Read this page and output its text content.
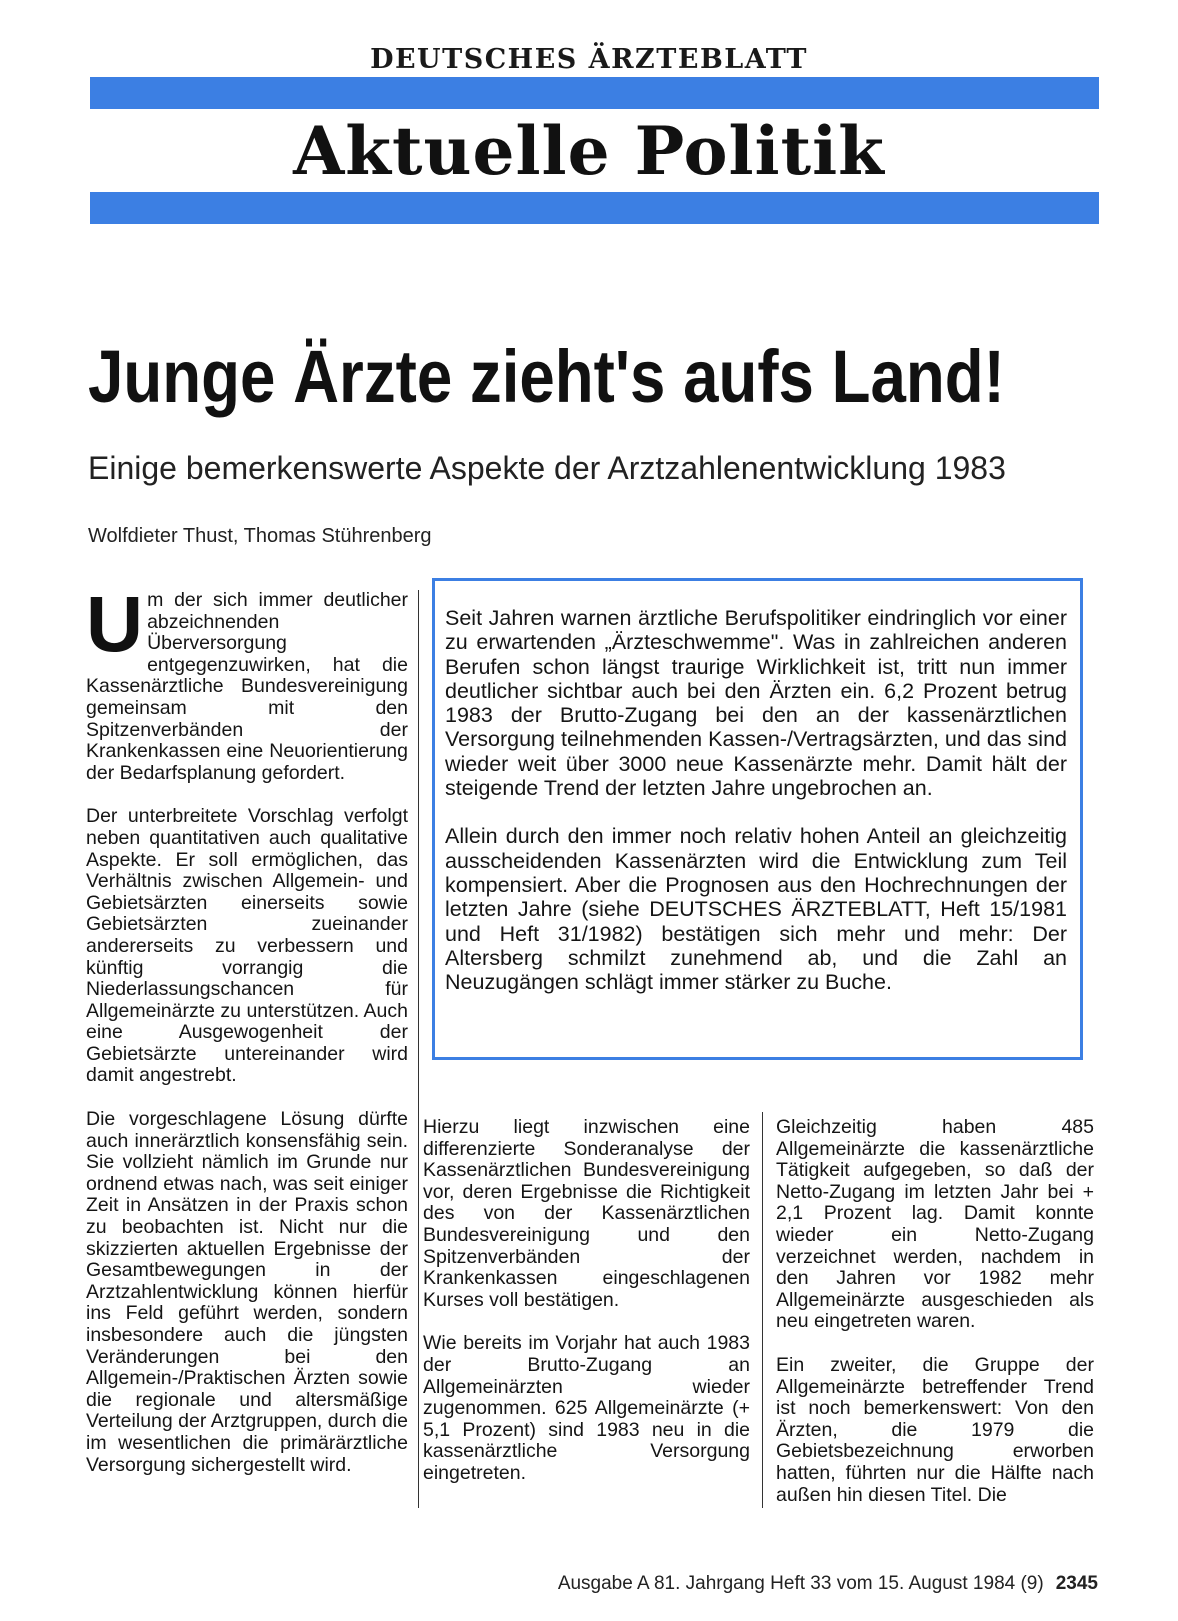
DEUTSCHES ÄRZTEBLATT
Aktuelle Politik
Junge Ärzte zieht's aufs Land!
Einige bemerkenswerte Aspekte der Arztzahlenentwicklung 1983
Wolfdieter Thust, Thomas Stührenberg

Um der sich immer deutlicher abzeichnenden Überversorgung entgegenzuwirken, hat die Kassenärztliche Bundesvereinigung gemeinsam mit den Spitzenverbänden der Krankenkassen eine Neuorientierung der Bedarfsplanung gefordert.

Der unterbreitete Vorschlag verfolgt neben quantitativen auch qualitative Aspekte. Er soll ermöglichen, das Verhältnis zwischen Allgemein- und Gebietsärzten einerseits sowie Gebietsärzten zueinander andererseits zu verbessern und künftig vorrangig die Niederlassungschancen für Allgemeinärzte zu unterstützen. Auch eine Ausgewogenheit der Gebietsärzte untereinander wird damit angestrebt.

Die vorgeschlagene Lösung dürfte auch innerärztlich konsensfähig sein. Sie vollzieht nämlich im Grunde nur ordnend etwas nach, was seit einiger Zeit in Ansätzen in der Praxis schon zu beobachten ist. Nicht nur die skizzierten aktuellen Ergebnisse der Gesamtbewegungen in der Arztzahlentwicklung können hierfür ins Feld geführt werden, sondern insbesondere auch die jüngsten Veränderungen bei den Allgemein-/Praktischen Ärzten sowie die regionale und altersmäßige Verteilung der Arztgruppen, durch die im wesentlichen die primärärztliche Versorgung sichergestellt wird.

Seit Jahren warnen ärztliche Berufspolitiker eindringlich vor einer zu erwartenden „Ärzteschwemme". Was in zahlreichen anderen Berufen schon längst traurige Wirklichkeit ist, tritt nun immer deutlicher sichtbar auch bei den Ärzten ein. 6,2 Prozent betrug 1983 der Brutto-Zugang bei den an der kassenärztlichen Versorgung teilnehmenden Kassen-/Vertragsärzten, und das sind wieder weit über 3000 neue Kassenärzte mehr. Damit hält der steigende Trend der letzten Jahre ungebrochen an.

Allein durch den immer noch relativ hohen Anteil an gleichzeitig ausscheidenden Kassenärzten wird die Entwicklung zum Teil kompensiert. Aber die Prognosen aus den Hochrechnungen der letzten Jahre (siehe DEUTSCHES ÄRZTEBLATT, Heft 15/1981 und Heft 31/1982) bestätigen sich mehr und mehr: Der Altersberg schmilzt zunehmend ab, und die Zahl an Neuzugängen schlägt immer stärker zu Buche.

Hierzu liegt inzwischen eine differenzierte Sonderanalyse der Kassenärztlichen Bundesvereinigung vor, deren Ergebnisse die Richtigkeit des von der Kassenärztlichen Bundesvereinigung und den Spitzenverbänden der Krankenkassen eingeschlagenen Kurses voll bestätigen.

Wie bereits im Vorjahr hat auch 1983 der Brutto-Zugang an Allgemeinärzten wieder zugenommen. 625 Allgemeinärzte (+ 5,1 Prozent) sind 1983 neu in die kassenärztliche Versorgung eingetreten.

Gleichzeitig haben 485 Allgemeinärzte die kassenärztliche Tätigkeit aufgegeben, so daß der Netto-Zugang im letzten Jahr bei + 2,1 Prozent lag. Damit konnte wieder ein Netto-Zugang verzeichnet werden, nachdem in den Jahren vor 1982 mehr Allgemeinärzte ausgeschieden als neu eingetreten waren.

Ein zweiter, die Gruppe der Allgemeinärzte betreffender Trend ist noch bemerkenswert: Von den Ärzten, die 1979 die Gebietsbezeichnung erworben hatten, führten nur die Hälfte nach außen hin diesen Titel. Die

Ausgabe A 81. Jahrgang Heft 33 vom 15. August 1984 (9) 2345
